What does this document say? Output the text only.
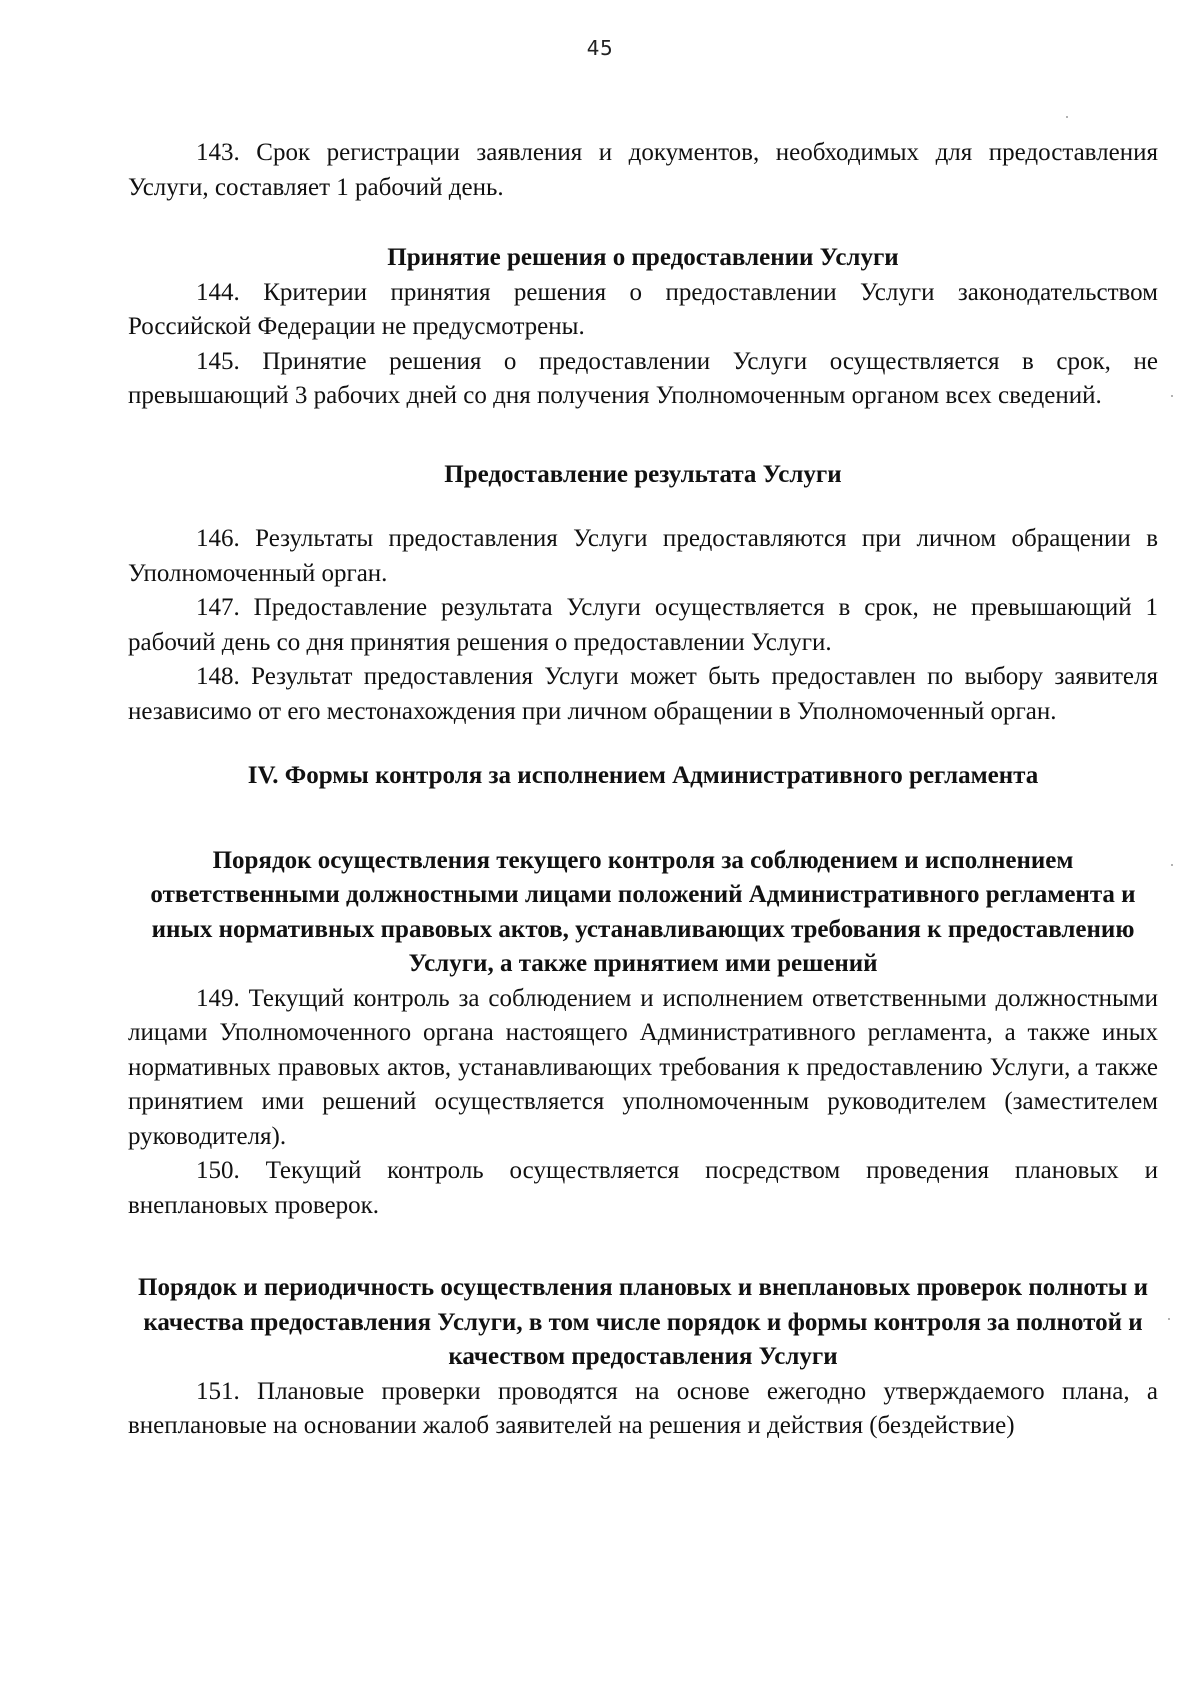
45

143. Срок регистрации заявления и документов, необходимых для предоставления Услуги, составляет 1 рабочий день.

Принятие решения о предоставлении Услуги

144. Критерии принятия решения о предоставлении Услуги законодательством Российской Федерации не предусмотрены.

145. Принятие решения о предоставлении Услуги осуществляется в срок, не превышающий 3 рабочих дней со дня получения Уполномоченным органом всех сведений.

Предоставление результата Услуги

146. Результаты предоставления Услуги предоставляются при личном обращении в Уполномоченный орган.

147. Предоставление результата Услуги осуществляется в срок, не превышающий 1 рабочий день со дня принятия решения о предоставлении Услуги.

148. Результат предоставления Услуги может быть предоставлен по выбору заявителя независимо от его местонахождения при личном обращении в Уполномоченный орган.

IV. Формы контроля за исполнением Административного регламента
Порядок осуществления текущего контроля за соблюдением и исполнением ответственными должностными лицами положений Административного регламента и иных нормативных правовых актов, устанавливающих требования к предоставлению Услуги, а также принятием ими решений

149. Текущий контроль за соблюдением и исполнением ответственными должностными лицами Уполномоченного органа настоящего Административного регламента, а также иных нормативных правовых актов, устанавливающих требования к предоставлению Услуги, а также принятием ими решений осуществляется уполномоченным руководителем (заместителем руководителя).

150. Текущий контроль осуществляется посредством проведения плановых и внеплановых проверок.

Порядок и периодичность осуществления плановых и внеплановых проверок полноты и качества предоставления Услуги, в том числе порядок и формы контроля за полнотой и качеством предоставления Услуги

151. Плановые проверки проводятся на основе ежегодно утверждаемого плана, а внеплановые на основании жалоб заявителей на решения и действия (бездействие)
